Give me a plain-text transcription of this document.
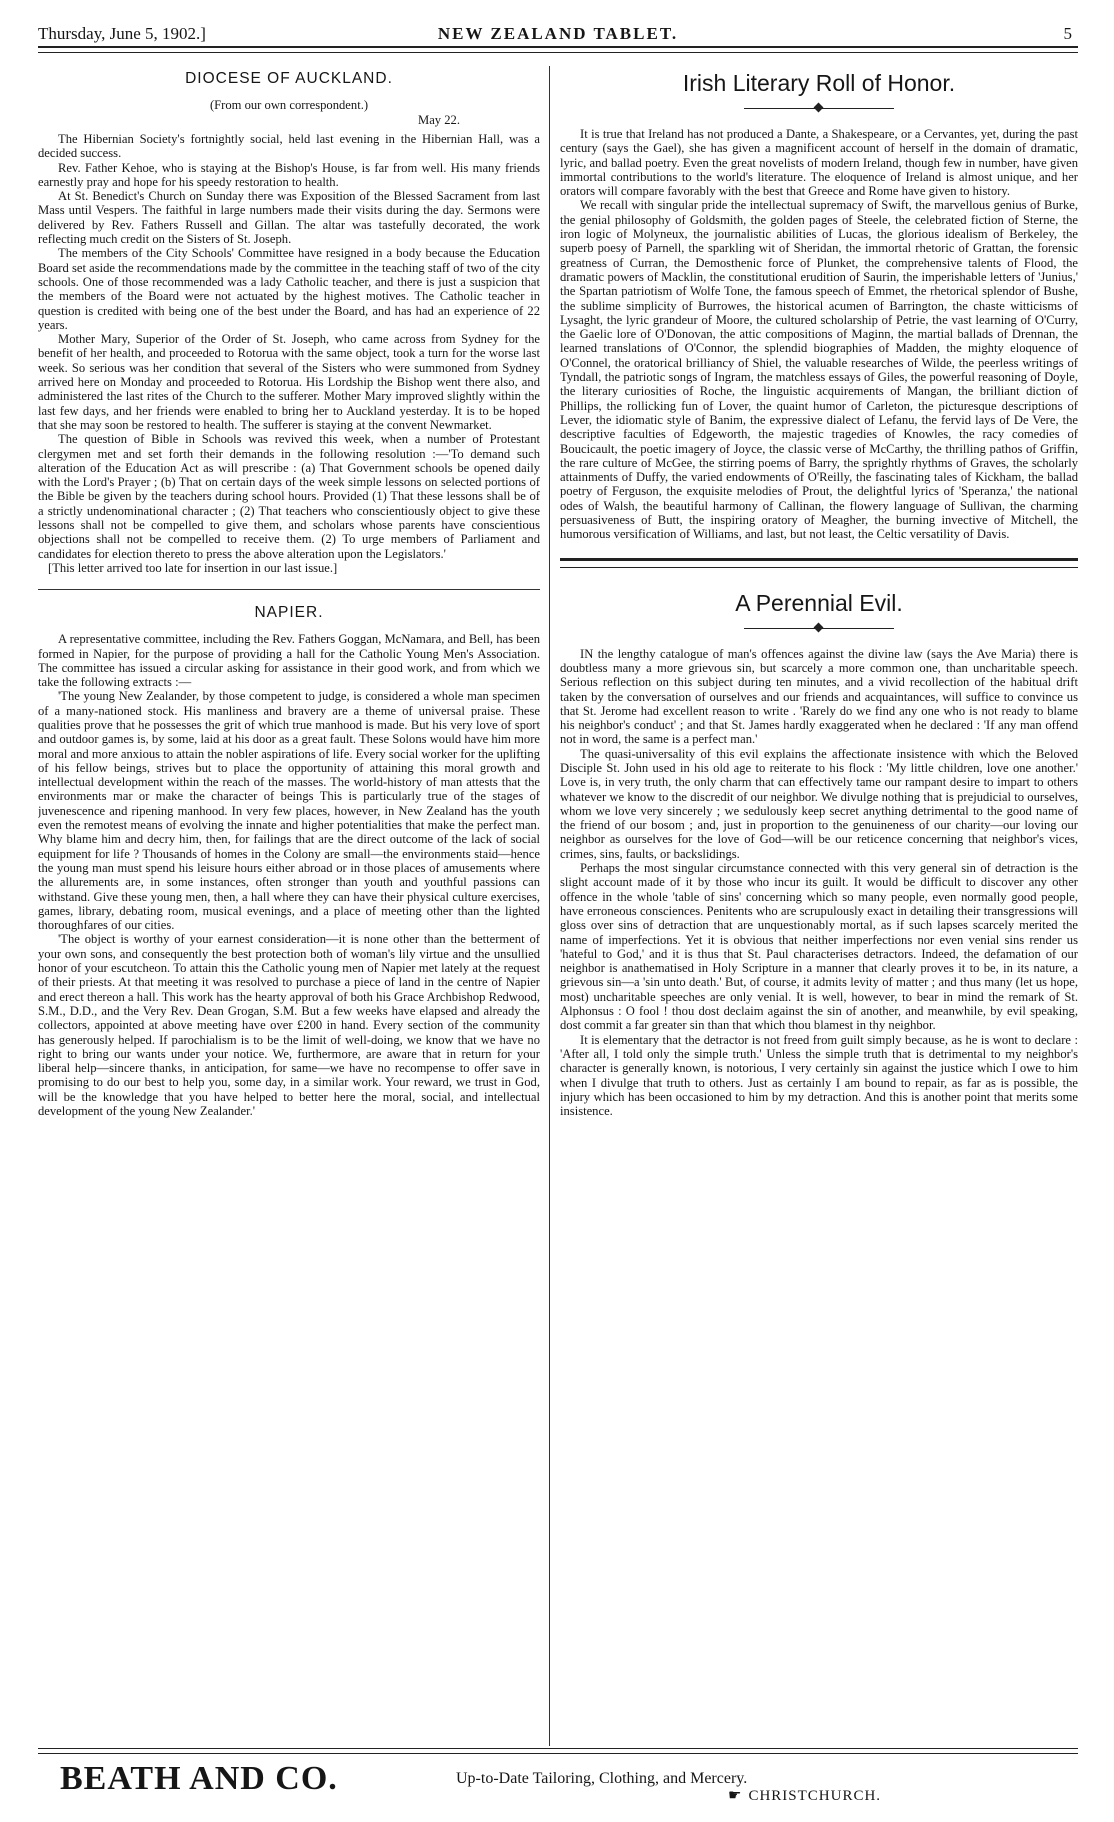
Thursday, June 5, 1902.]	NEW ZEALAND TABLET.	5
DIOCESE OF AUCKLAND.
(From our own correspondent.)
May 22.

The Hibernian Society's fortnightly social, held last evening in the Hibernian Hall, was a decided success.

Rev. Father Kehoe, who is staying at the Bishop's House, is far from well. His many friends earnestly pray and hope for his speedy restoration to health.

At St. Benedict's Church on Sunday there was Exposition of the Blessed Sacrament from last Mass until Vespers. The faithful in large numbers made their visits during the day. Sermons were delivered by Rev. Fathers Russell and Gillan. The altar was tastefully decorated, the work reflecting much credit on the Sisters of St. Joseph.

The members of the City Schools' Committee have resigned in a body because the Education Board set aside the recommendations made by the committee in the teaching staff of two of the city schools. One of those recommended was a lady Catholic teacher, and there is just a suspicion that the members of the Board were not actuated by the highest motives. The Catholic teacher in question is credited with being one of the best under the Board, and has had an experience of 22 years.

Mother Mary, Superior of the Order of St. Joseph, who came across from Sydney for the benefit of her health, and proceeded to Rotorua with the same object, took a turn for the worse last week. So serious was her condition that several of the Sisters who were summoned from Sydney arrived here on Monday and proceeded to Rotorua. His Lordship the Bishop went there also, and administered the last rites of the Church to the sufferer. Mother Mary improved slightly within the last few days, and her friends were enabled to bring her to Auckland yesterday. It is to be hoped that she may soon be restored to health. The sufferer is staying at the convent Newmarket.

The question of Bible in Schools was revived this week, when a number of Protestant clergymen met and set forth their demands in the following resolution :—'To demand such alteration of the Education Act as will prescribe : (a) That Government schools be opened daily with the Lord's Prayer ; (b) That on certain days of the week simple lessons on selected portions of the Bible be given by the teachers during school hours. Provided (1) That these lessons shall be of a strictly undenominational character ; (2) That teachers who conscientiously object to give these lessons shall not be compelled to give them, and scholars whose parents have conscientious objections shall not be compelled to receive them. (2) To urge members of Parliament and candidates for election thereto to press the above alteration upon the Legislators.'

[This letter arrived too late for insertion in our last issue.]

NAPIER.

A representative committee, including the Rev. Fathers Goggan, McNamara, and Bell, has been formed in Napier, for the purpose of providing a hall for the Catholic Young Men's Association. The committee has issued a circular asking for assistance in their good work, and from which we take the following extracts :—

'The young New Zealander, by those competent to judge, is considered a whole man specimen of a many-nationed stock. His manliness and bravery are a theme of universal praise. These qualities prove that he possesses the grit of which true manhood is made. But his very love of sport and outdoor games is, by some, laid at his door as a great fault. These Solons would have him more moral and more anxious to attain the nobler aspirations of life. Every social worker for the uplifting of his fellow beings, strives but to place the opportunity of attaining this moral growth and intellectual development within the reach of the masses. The world-history of man attests that the environments mar or make the character of beings This is particularly true of the stages of juvenescence and ripening manhood. In very few places, however, in New Zealand has the youth even the remotest means of evolving the innate and higher potentialities that make the perfect man. Why blame him and decry him, then, for failings that are the direct outcome of the lack of social equipment for life ? Thousands of homes in the Colony are small—the environments staid—hence the young man must spend his leisure hours either abroad or in those places of amusements where the allurements are, in some instances, often stronger than youth and youthful passions can withstand. Give these young men, then, a hall where they can have their physical culture exercises, games, library, debating room, musical evenings, and a place of meeting other than the lighted thoroughfares of our cities.

'The object is worthy of your earnest consideration—it is none other than the betterment of your own sons, and consequently the best protection both of woman's lily virtue and the unsullied honor of your escutcheon. To attain this the Catholic young men of Napier met lately at the request of their priests. At that meeting it was resolved to purchase a piece of land in the centre of Napier and erect thereon a hall. This work has the hearty approval of both his Grace Archbishop Redwood, S.M., D.D., and the Very Rev. Dean Grogan, S.M. But a few weeks have elapsed and already the collectors, appointed at above meeting have over £200 in hand. Every section of the community has generously helped. If parochialism is to be the limit of well-doing, we know that we have no right to bring our wants under your notice. We, furthermore, are aware that in return for your liberal help—sincere thanks, in anticipation, for same—we have no recompense to offer save in promising to do our best to help you, some day, in a similar work. Your reward, we trust in God, will be the knowledge that you have helped to better here the moral, social, and intellectual development of the young New Zealander.'

Irish Literary Roll of Honor.

It is true that Ireland has not produced a Dante, a Shakespeare, or a Cervantes, yet, during the past century (says the Gael), she has given a magnificent account of herself in the domain of dramatic, lyric, and ballad poetry. Even the great novelists of modern Ireland, though few in number, have given immortal contributions to the world's literature. The eloquence of Ireland is almost unique, and her orators will compare favorably with the best that Greece and Rome have given to history.

We recall with singular pride the intellectual supremacy of Swift, the marvellous genius of Burke, the genial philosophy of Goldsmith, the golden pages of Steele, the celebrated fiction of Sterne, the iron logic of Molyneux, the journalistic abilities of Lucas, the glorious idealism of Berkeley, the superb poesy of Parnell, the sparkling wit of Sheridan, the immortal rhetoric of Grattan, the forensic greatness of Curran, the Demosthenic force of Plunket, the comprehensive talents of Flood, the dramatic powers of Macklin, the constitutional erudition of Saurin, the imperishable letters of 'Junius,' the Spartan patriotism of Wolfe Tone, the famous speech of Emmet, the rhetorical splendor of Bushe, the sublime simplicity of Burrowes, the historical acumen of Barrington, the chaste witticisms of Lysaght, the lyric grandeur of Moore, the cultured scholarship of Petrie, the vast learning of O'Curry, the Gaelic lore of O'Donovan, the attic compositions of Maginn, the martial ballads of Drennan, the learned translations of O'Connor, the splendid biographies of Madden, the mighty eloquence of O'Connel, the oratorical brilliancy of Shiel, the valuable researches of Wilde, the peerless writings of Tyndall, the patriotic songs of Ingram, the matchless essays of Giles, the powerful reasoning of Doyle, the literary curiosities of Roche, the linguistic acquirements of Mangan, the brilliant diction of Phillips, the rollicking fun of Lover, the quaint humor of Carleton, the picturesque descriptions of Lever, the idiomatic style of Banim, the expressive dialect of Lefanu, the fervid lays of De Vere, the descriptive faculties of Edgeworth, the majestic tragedies of Knowles, the racy comedies of Boucicault, the poetic imagery of Joyce, the classic verse of McCarthy, the thrilling pathos of Griffin, the rare culture of McGee, the stirring poems of Barry, the sprightly rhythms of Graves, the scholarly attainments of Duffy, the varied endowments of O'Reilly, the fascinating tales of Kickham, the ballad poetry of Ferguson, the exquisite melodies of Prout, the delightful lyrics of 'Speranza,' the national odes of Walsh, the beautiful harmony of Callinan, the flowery language of Sullivan, the charming persuasiveness of Butt, the inspiring oratory of Meagher, the burning invective of Mitchell, the humorous versification of Williams, and last, but not least, the Celtic versatility of Davis.

A Perennial Evil.

IN the lengthy catalogue of man's offences against the divine law (says the Ave Maria) there is doubtless many a more grievous sin, but scarcely a more common one, than uncharitable speech. Serious reflection on this subject during ten minutes, and a vivid recollection of the habitual drift taken by the conversation of ourselves and our friends and acquaintances, will suffice to convince us that St. Jerome had excellent reason to write . 'Rarely do we find any one who is not ready to blame his neighbor's conduct' ; and that St. James hardly exaggerated when he declared : 'If any man offend not in word, the same is a perfect man.'

The quasi-universality of this evil explains the affectionate insistence with which the Beloved Disciple St. John used in his old age to reiterate to his flock : 'My little children, love one another.' Love is, in very truth, the only charm that can effectively tame our rampant desire to impart to others whatever we know to the discredit of our neighbor. We divulge nothing that is prejudicial to ourselves, whom we love very sincerely ; we sedulously keep secret anything detrimental to the good name of the friend of our bosom ; and, just in proportion to the genuineness of our charity—our loving our neighbor as ourselves for the love of God—will be our reticence concerning that neighbor's vices, crimes, sins, faults, or backslidings.

Perhaps the most singular circumstance connected with this very general sin of detraction is the slight account made of it by those who incur its guilt. It would be difficult to discover any other offence in the whole 'table of sins' concerning which so many people, even normally good people, have erroneous consciences. Penitents who are scrupulously exact in detailing their transgressions will gloss over sins of detraction that are unquestionably mortal, as if such lapses scarcely merited the name of imperfections. Yet it is obvious that neither imperfections nor even venial sins render us 'hateful to God,' and it is thus that St. Paul characterises detractors. Indeed, the defamation of our neighbor is anathematised in Holy Scripture in a manner that clearly proves it to be, in its nature, a grievous sin—a 'sin unto death.' But, of course, it admits levity of matter ; and thus many (let us hope, most) uncharitable speeches are only venial. It is well, however, to bear in mind the remark of St. Alphonsus : O fool ! thou dost declaim against the sin of another, and meanwhile, by evil speaking, dost commit a far greater sin than that which thou blamest in thy neighbor.

It is elementary that the detractor is not freed from guilt simply because, as he is wont to declare : 'After all, I told only the simple truth.' Unless the simple truth that is detrimental to my neighbor's character is generally known, is notorious, I very certainly sin against the justice which I owe to him when I divulge that truth to others. Just as certainly I am bound to repair, as far as is possible, the injury which has been occasioned to him by my detraction. And this is another point that merits some insistence.

BEATH AND CO.	Up-to-Date Tailoring, Clothing, and Mercery.
☛ CHRISTCHURCH.
